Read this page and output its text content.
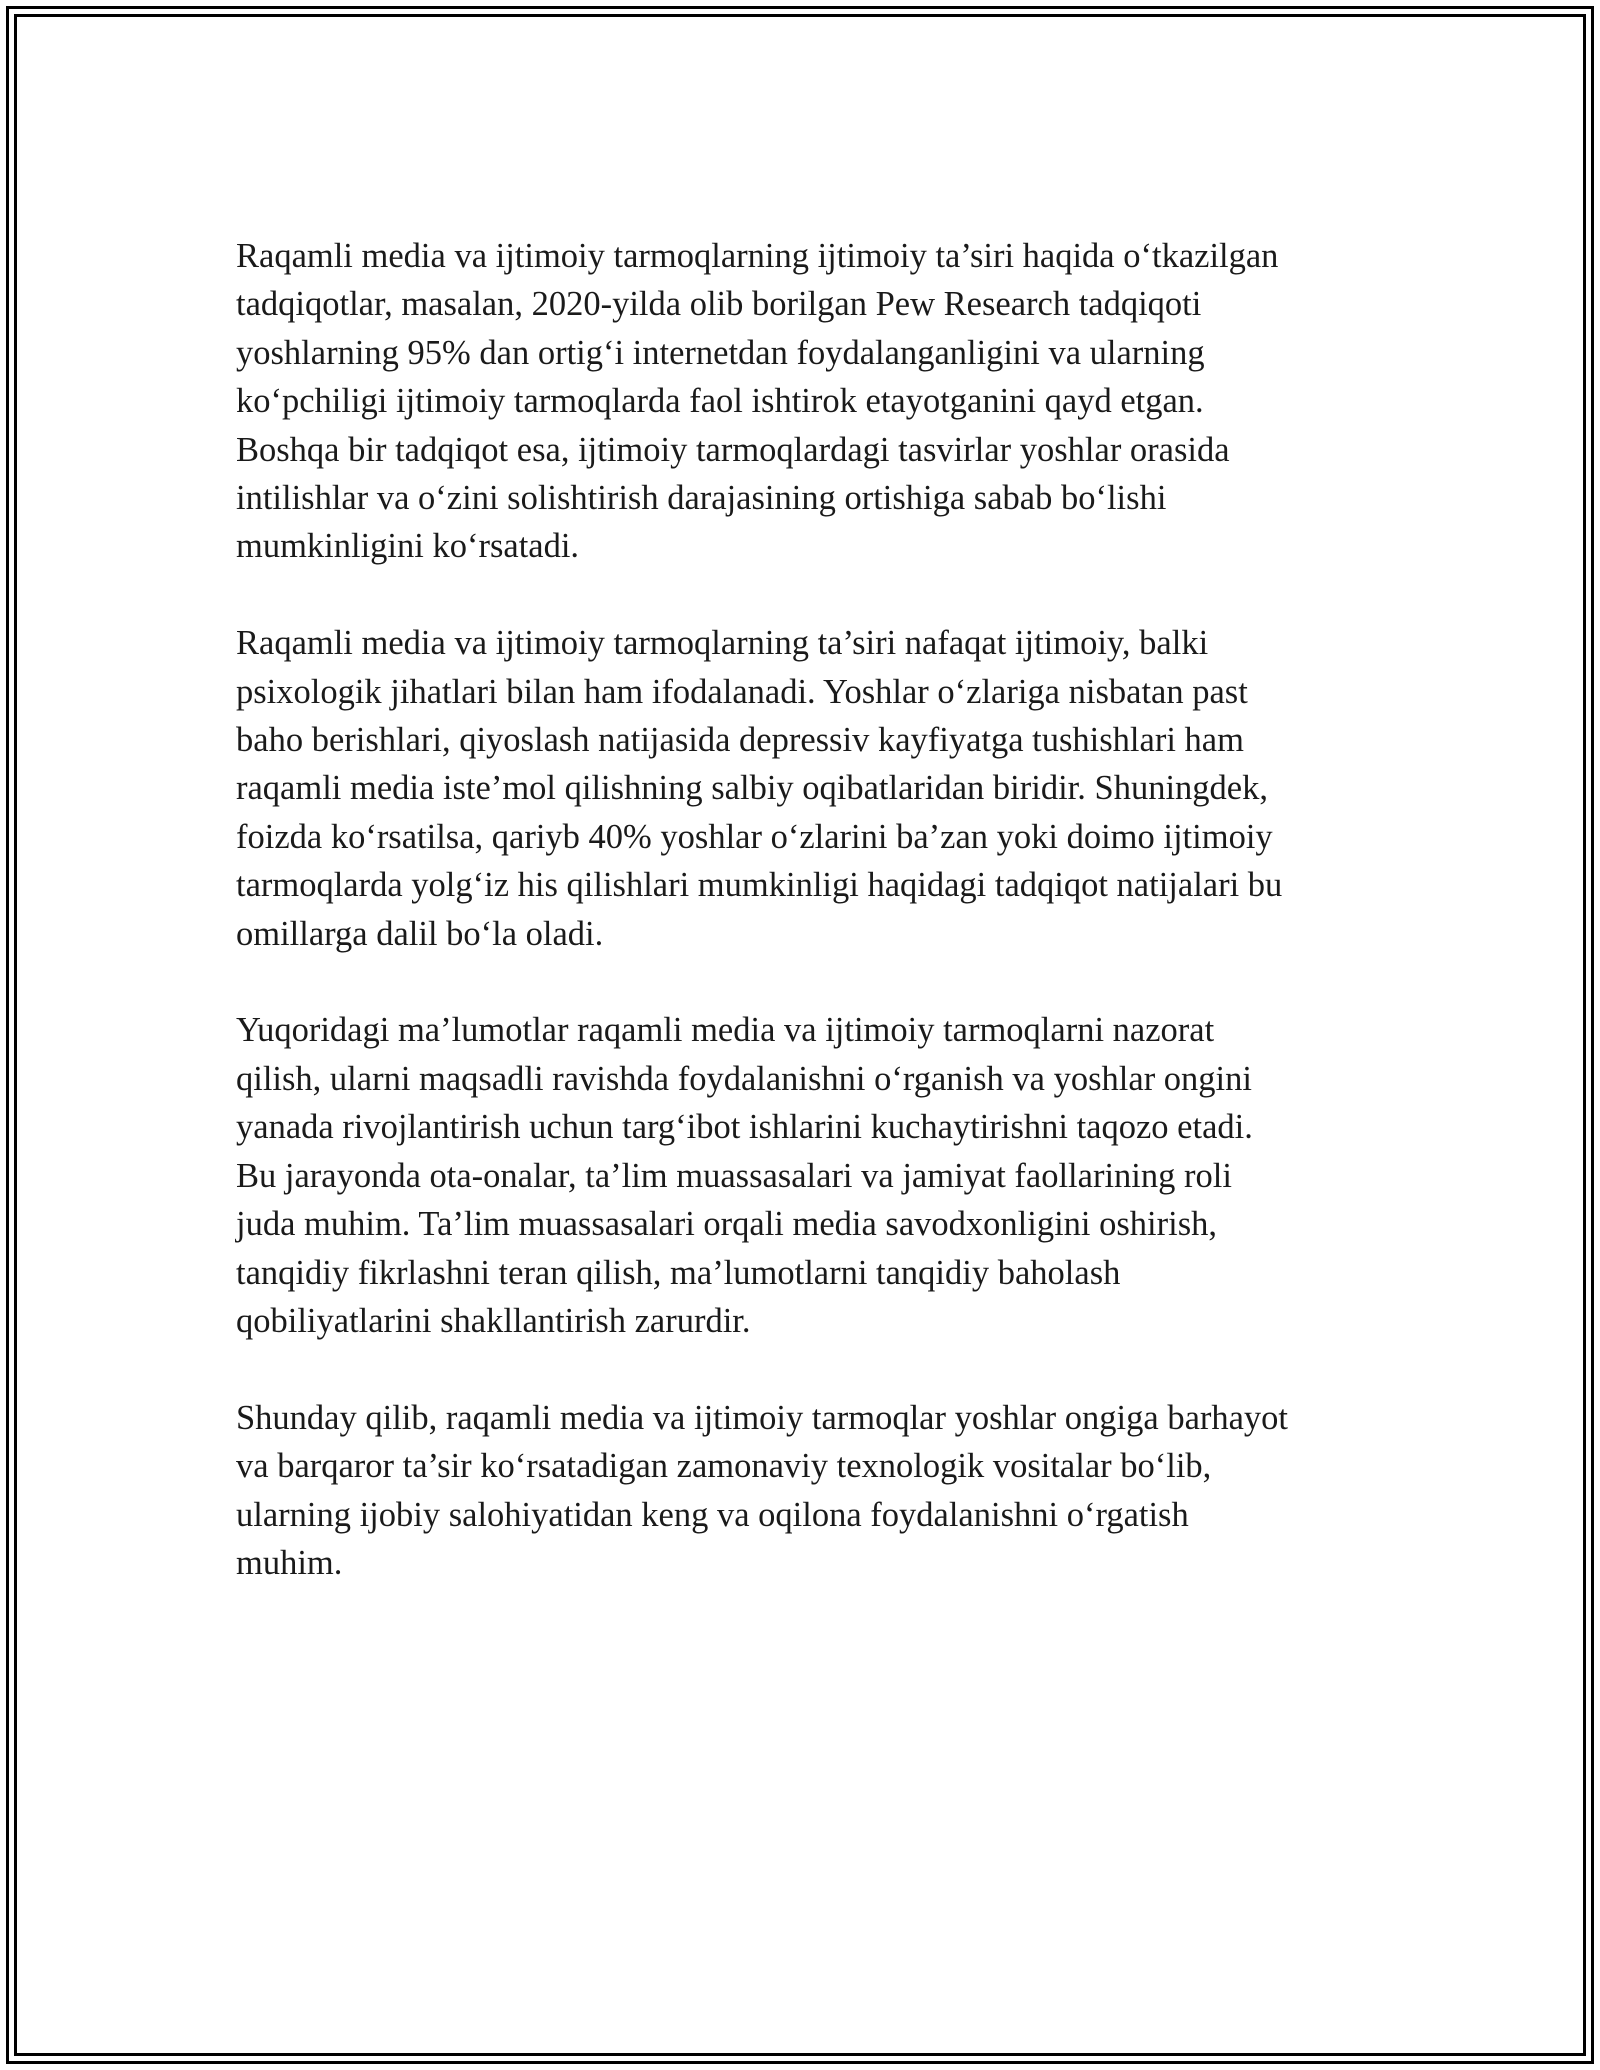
Raqamli media va ijtimoiy tarmoqlarning ijtimoiy ta’siri haqida o‘tkazilgan
tadqiqotlar, masalan, 2020-yilda olib borilgan Pew Research tadqiqoti
yoshlarning 95% dan ortig‘i internetdan foydalanganligini va ularning
ko‘pchiligi ijtimoiy tarmoqlarda faol ishtirok etayotganini qayd etgan.
Boshqa bir tadqiqot esa, ijtimoiy tarmoqlardagi tasvirlar yoshlar orasida
intilishlar va o‘zini solishtirish darajasining ortishiga sabab bo‘lishi
mumkinligini ko‘rsatadi.

Raqamli media va ijtimoiy tarmoqlarning ta’siri nafaqat ijtimoiy, balki
psixologik jihatlari bilan ham ifodalanadi. Yoshlar o‘zlariga nisbatan past
baho berishlari, qiyoslash natijasida depressiv kayfiyatga tushishlari ham
raqamli media iste’mol qilishning salbiy oqibatlaridan biridir. Shuningdek,
foizda ko‘rsatilsa, qariyb 40% yoshlar o‘zlarini ba’zan yoki doimo ijtimoiy
tarmoqlarda yolg‘iz his qilishlari mumkinligi haqidagi tadqiqot natijalari bu
omillarga dalil bo‘la oladi.

Yuqoridagi ma’lumotlar raqamli media va ijtimoiy tarmoqlarni nazorat
qilish, ularni maqsadli ravishda foydalanishni o‘rganish va yoshlar ongini
yanada rivojlantirish uchun targ‘ibot ishlarini kuchaytirishni taqozo etadi.
Bu jarayonda ota-onalar, ta’lim muassasalari va jamiyat faollarining roli
juda muhim. Ta’lim muassasalari orqali media savodxonligini oshirish,
tanqidiy fikrlashni teran qilish, ma’lumotlarni tanqidiy baholash
qobiliyatlarini shakllantirish zarurdir.

Shunday qilib, raqamli media va ijtimoiy tarmoqlar yoshlar ongiga barhayot
va barqaror ta’sir ko‘rsatadigan zamonaviy texnologik vositalar bo‘lib,
ularning ijobiy salohiyatidan keng va oqilona foydalanishni o‘rgatish
muhim.
